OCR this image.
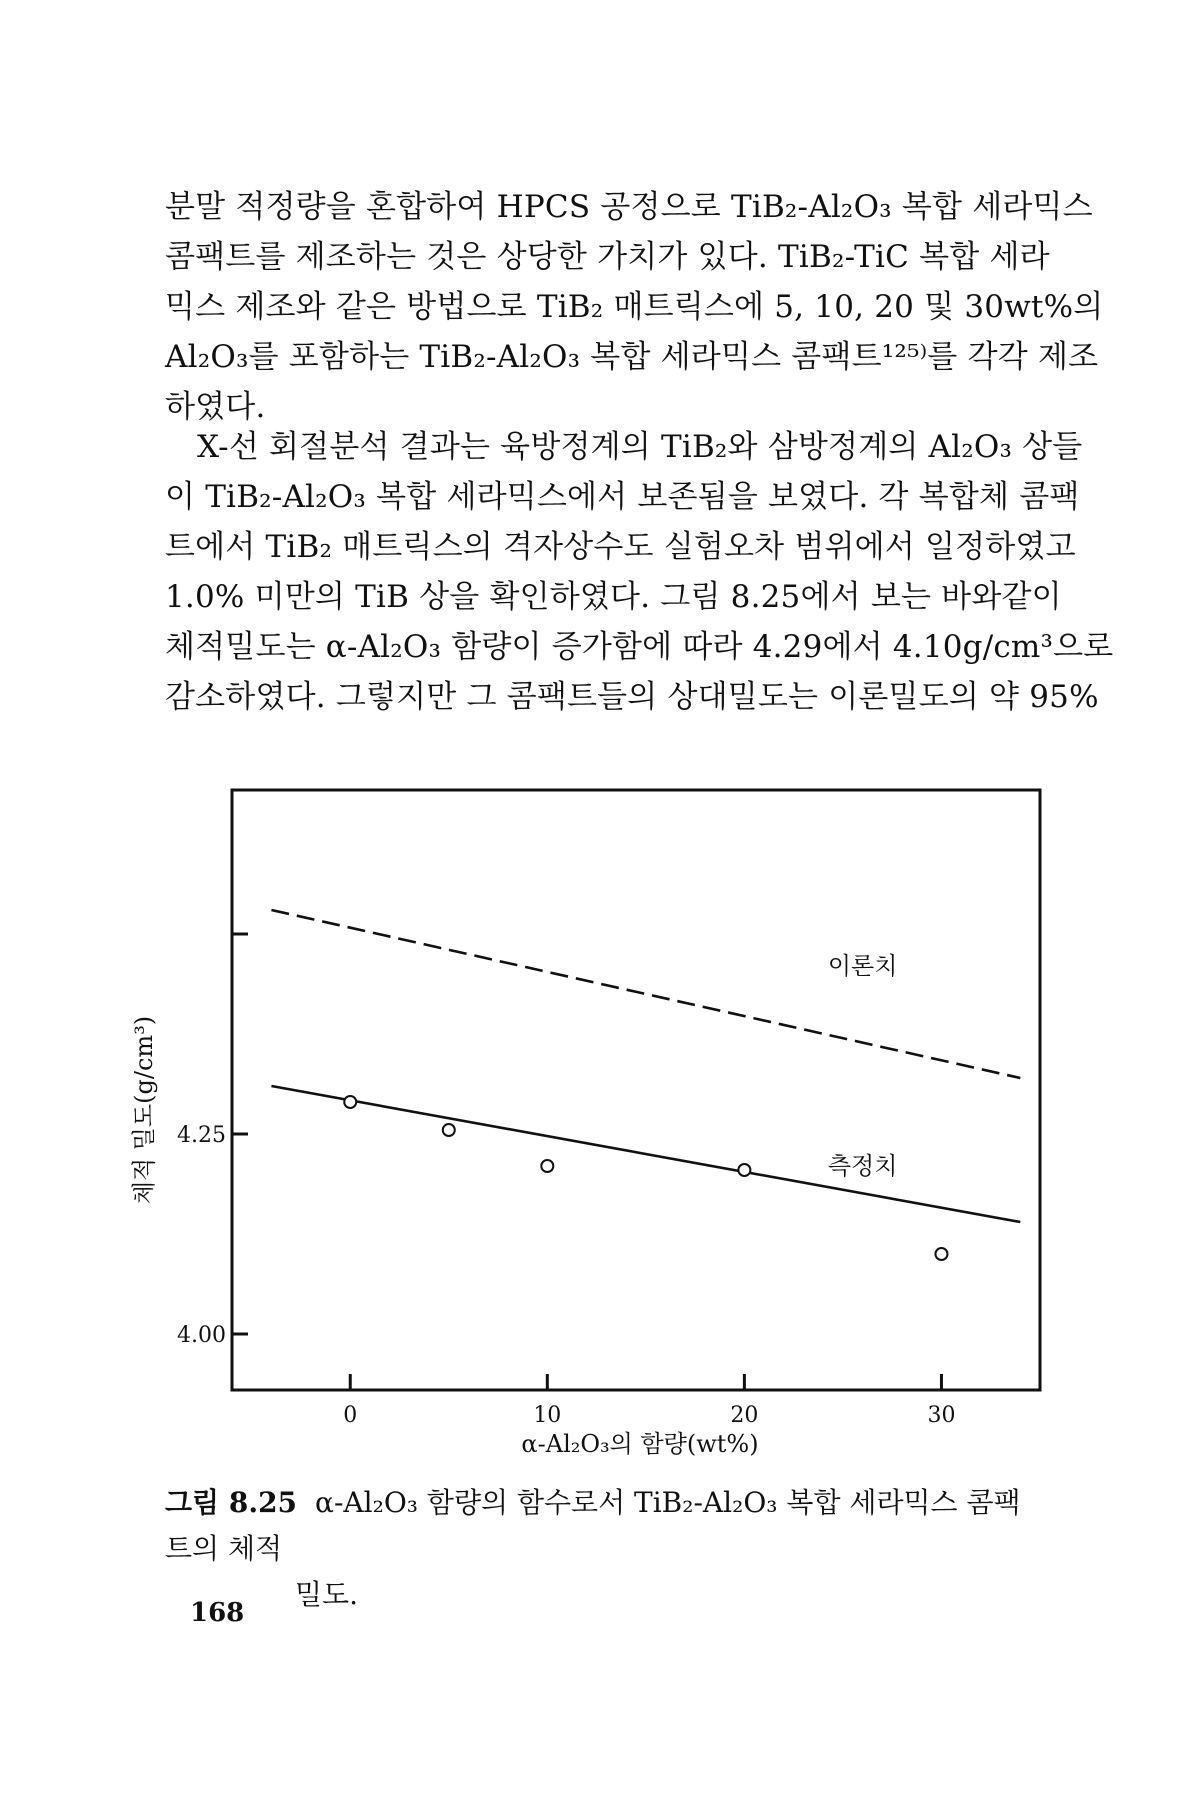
분말 적정량을 혼합하여 HPCS 공정으로 TiB₂-Al₂O₃ 복합 세라믹스
콤팩트를 제조하는 것은 상당한 가치가 있다. TiB₂-TiC 복합 세라
믹스 제조와 같은 방법으로 TiB₂ 매트릭스에 5, 10, 20 및 30wt%의
Al₂O₃를 포함하는 TiB₂-Al₂O₃ 복합 세라믹스 콤팩트¹²⁵⁾를 각각 제조
하였다.
X-선 회절분석 결과는 육방정계의 TiB₂와 삼방정계의 Al₂O₃ 상들
이 TiB₂-Al₂O₃ 복합 세라믹스에서 보존됨을 보였다. 각 복합체 콤팩
트에서 TiB₂ 매트릭스의 격자상수도 실험오차 범위에서 일정하였고
1.0% 미만의 TiB 상을 확인하였다. 그림 8.25에서 보는 바와같이
체적밀도는 α-Al₂O₃ 함량이 증가함에 따라 4.29에서 4.10g/cm³으로
감소하였다. 그렇지만 그 콤팩트들의 상대밀도는 이론밀도의 약 95%
4.00
4.25
0	10	20	30
이론치
측정치
α-Al₂O₃의 함량(wt%)
체적 밀도(g/cm³)
그림 8.25 α-Al₂O₃ 함량의 함수로서 TiB₂-Al₂O₃ 복합 세라믹스 콤팩트의 체적
밀도.
168
